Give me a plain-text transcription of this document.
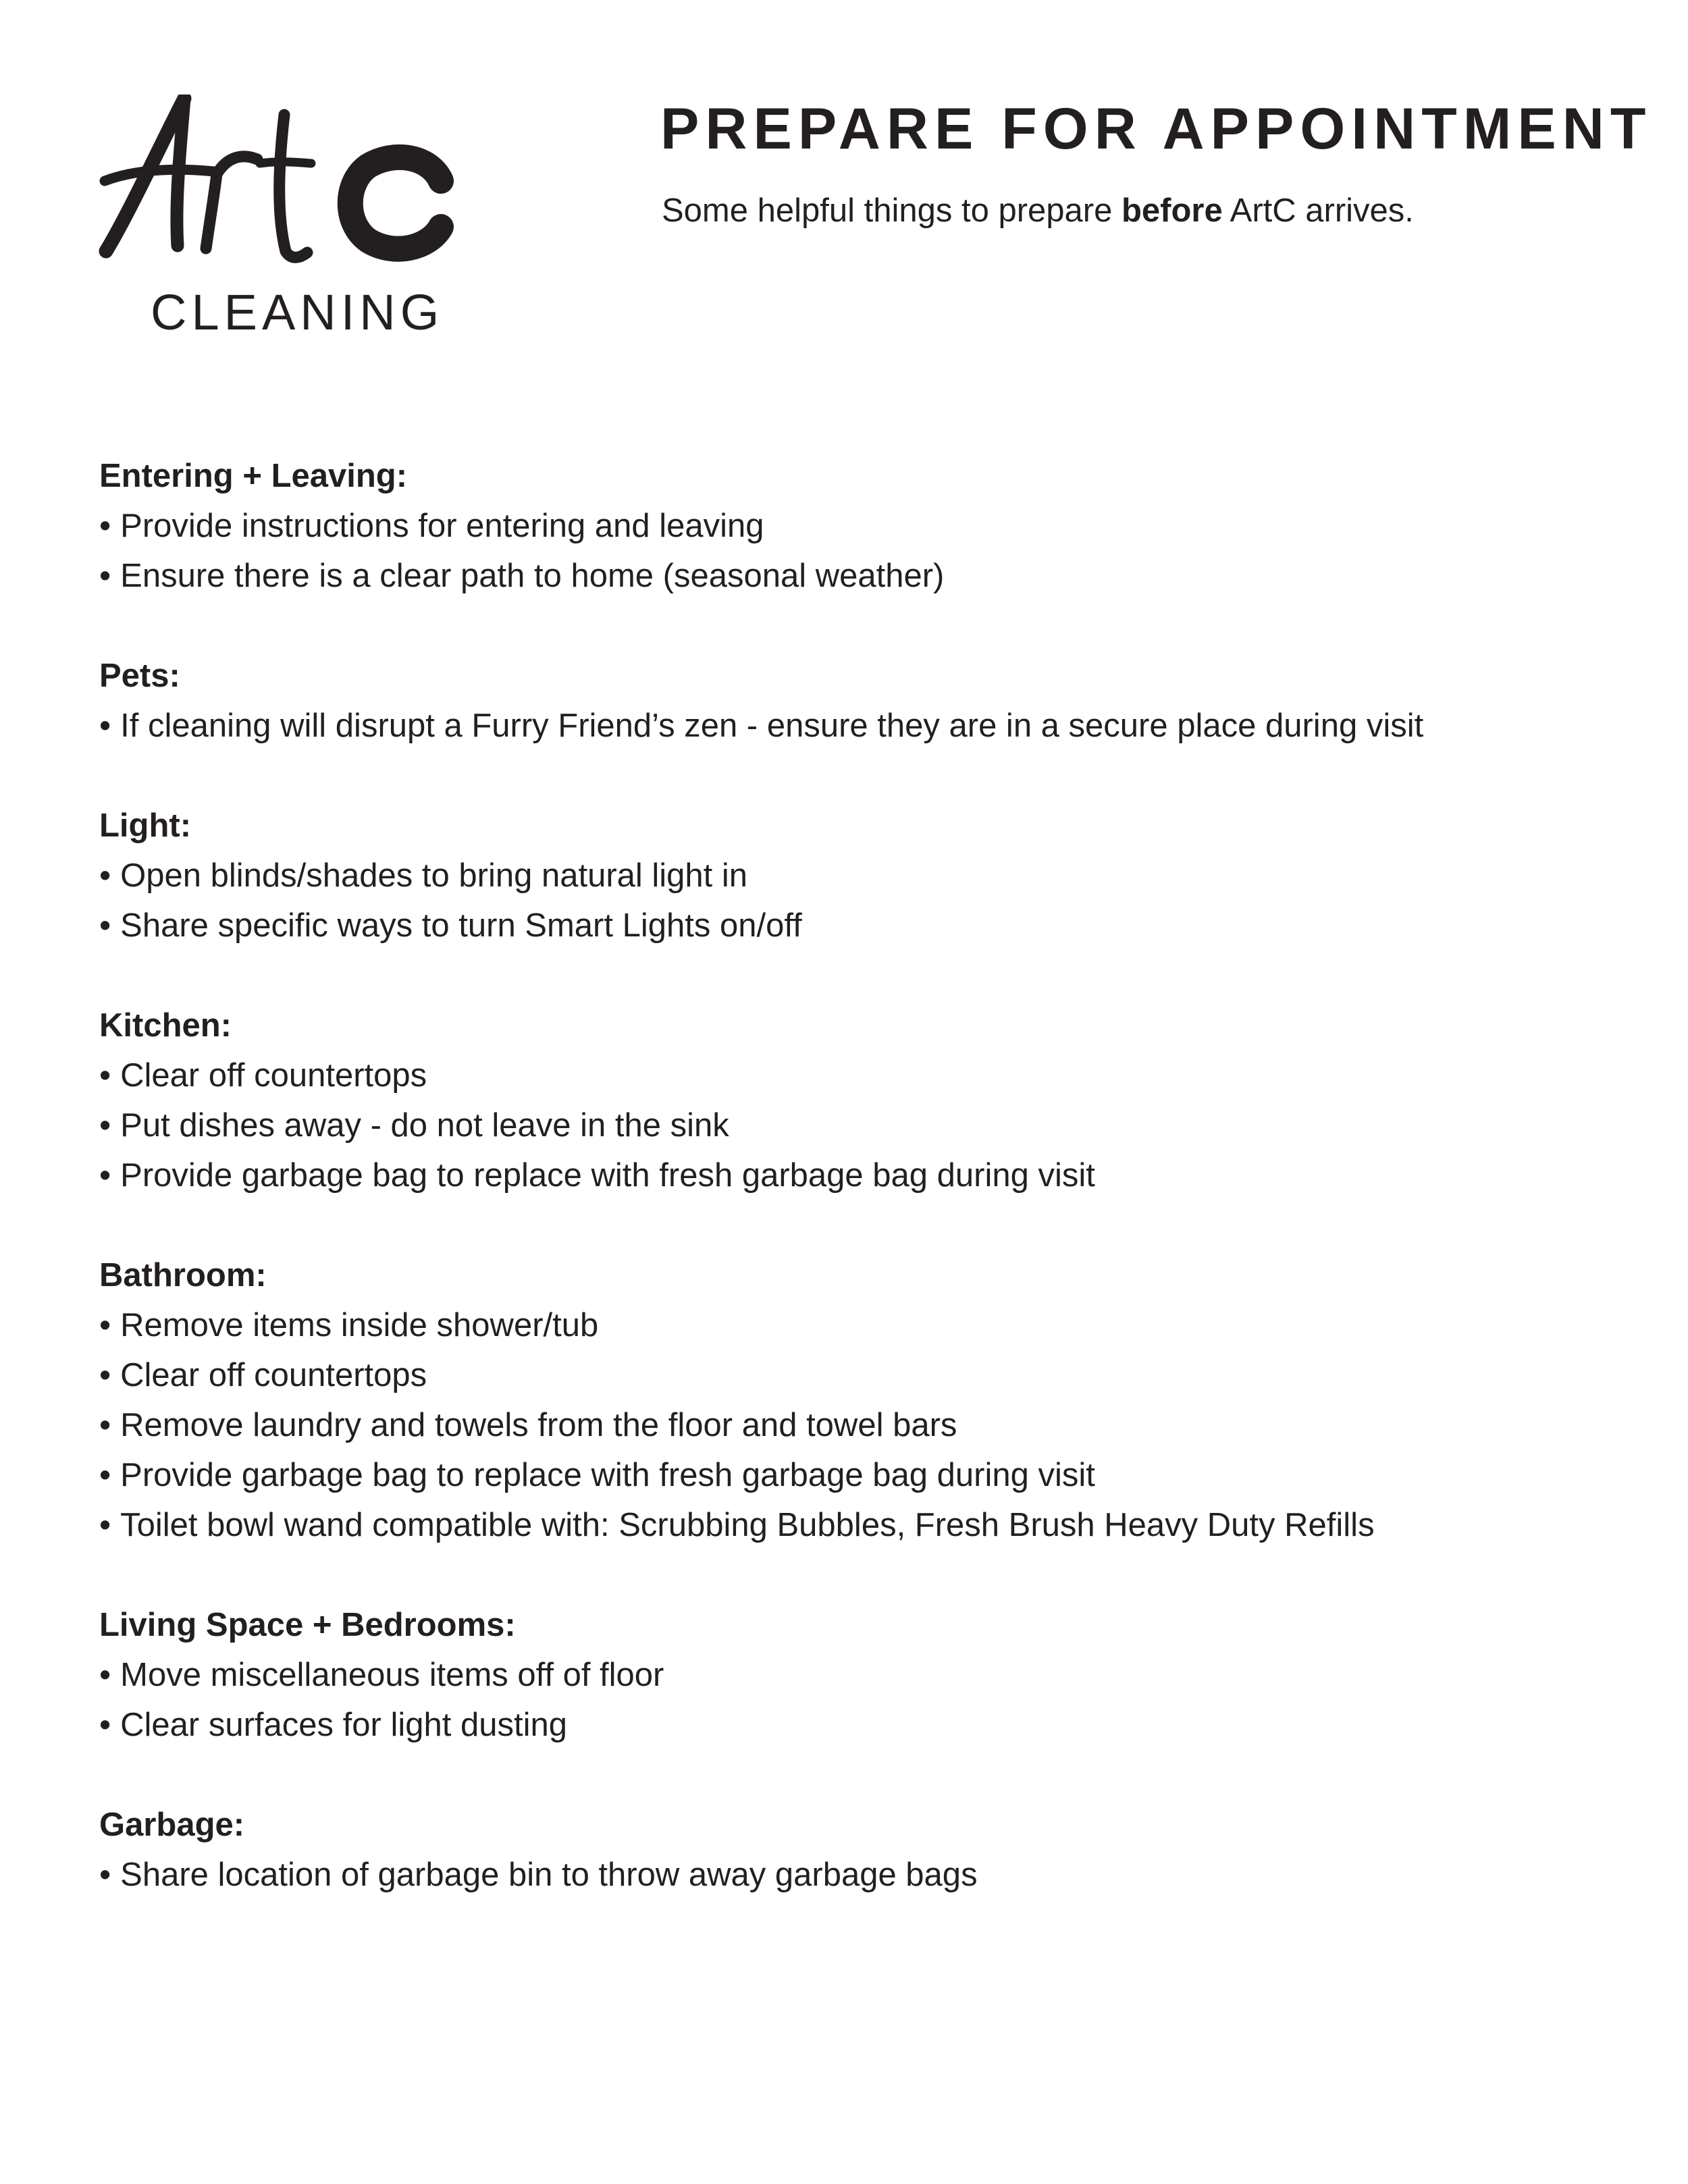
CLEANING
PREPARE FOR APPOINTMENT

Some helpful things to prepare before ArtC arrives.

Entering + Leaving:
• Provide instructions for entering and leaving
• Ensure there is a clear path to home (seasonal weather)
Pets:
• If cleaning will disrupt a Furry Friend’s zen - ensure they are in a secure place during visit
Light:
• Open blinds/shades to bring natural light in
• Share specific ways to turn Smart Lights on/off
Kitchen:
• Clear off countertops
• Put dishes away - do not leave in the sink
• Provide garbage bag to replace with fresh garbage bag during visit
Bathroom:
• Remove items inside shower/tub
• Clear off countertops
• Remove laundry and towels from the floor and towel bars
• Provide garbage bag to replace with fresh garbage bag during visit
• Toilet bowl wand compatible with: Scrubbing Bubbles, Fresh Brush Heavy Duty Refills
Living Space + Bedrooms:
• Move miscellaneous items off of floor
• Clear surfaces for light dusting
Garbage:
• Share location of garbage bin to throw away garbage bags
